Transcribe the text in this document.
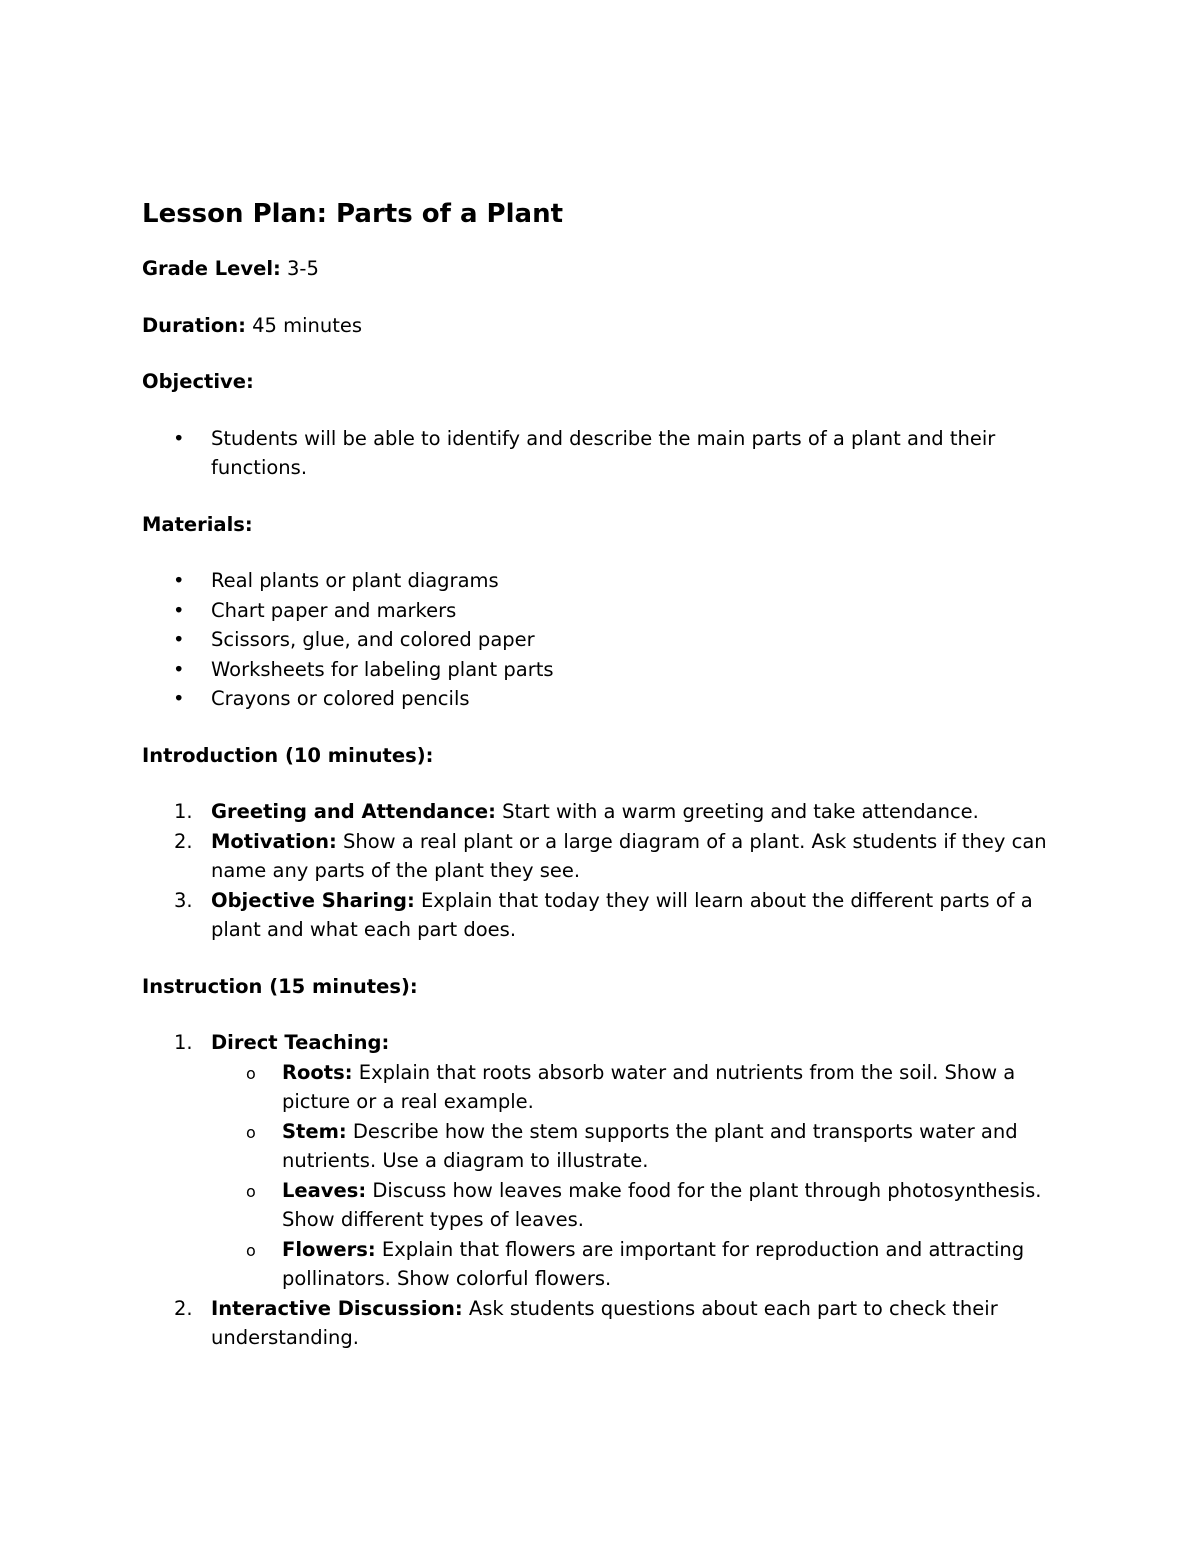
Lesson Plan: Parts of a Plant

Grade Level: 3-5

Duration: 45 minutes

Objective:

• Students will be able to identify and describe the main parts of a plant and their functions.

Materials:

• Real plants or plant diagrams
• Chart paper and markers
• Scissors, glue, and colored paper
• Worksheets for labeling plant parts
• Crayons or colored pencils

Introduction (10 minutes):

1. Greeting and Attendance: Start with a warm greeting and take attendance.
2. Motivation: Show a real plant or a large diagram of a plant. Ask students if they can name any parts of the plant they see.
3. Objective Sharing: Explain that today they will learn about the different parts of a plant and what each part does.

Instruction (15 minutes):

1. Direct Teaching:
o	Roots: Explain that roots absorb water and nutrients from the soil. Show a picture or a real example.
o	Stem: Describe how the stem supports the plant and transports water and nutrients. Use a diagram to illustrate.
o	Leaves: Discuss how leaves make food for the plant through photosynthesis. Show different types of leaves.
o	Flowers: Explain that flowers are important for reproduction and attracting pollinators. Show colorful flowers.
2. Interactive Discussion: Ask students questions about each part to check their understanding.
